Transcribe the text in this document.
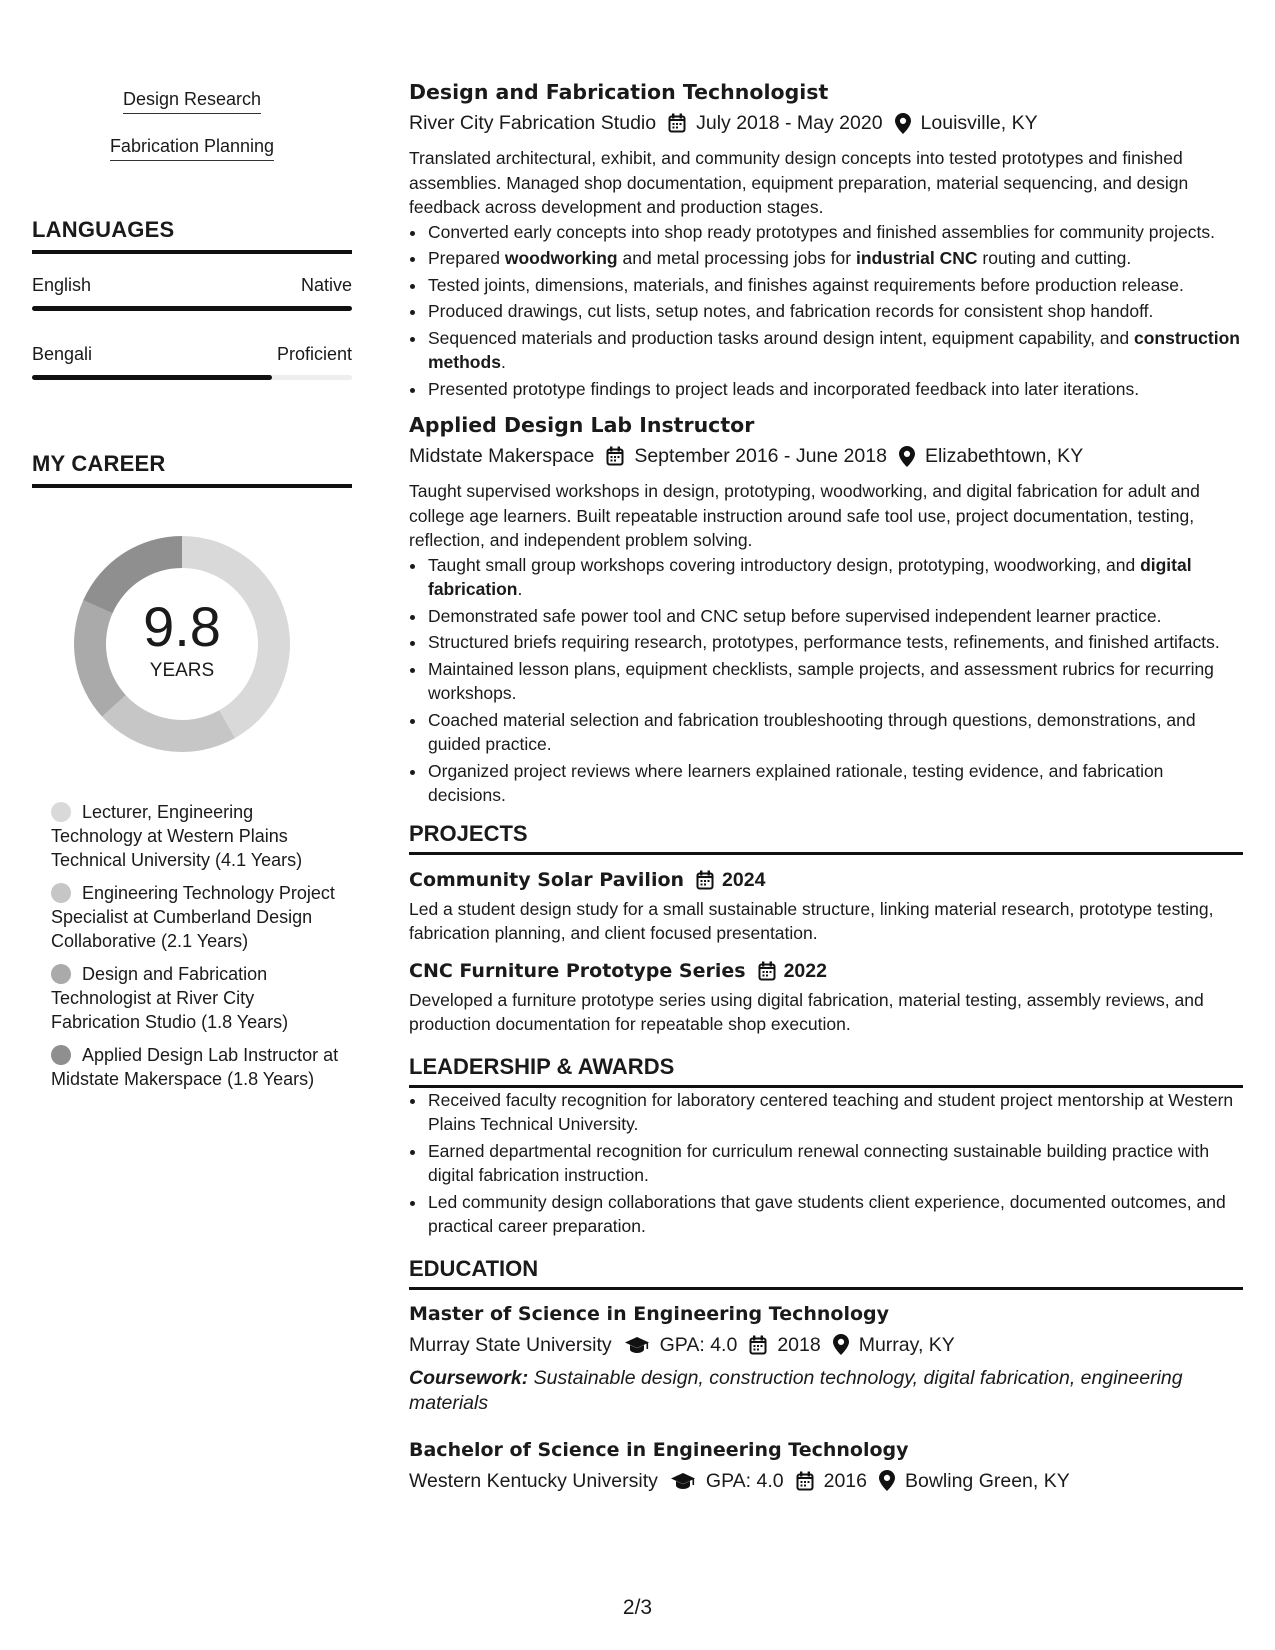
Design Research
Fabrication Planning
LANGUAGES
English	Native
Bengali	Proficient
MY CAREER
9.8
YEARS
Lecturer, Engineering Technology at Western Plains Technical University (4.1 Years)
Engineering Technology Project Specialist at Cumberland Design Collaborative (2.1 Years)
Design and Fabrication Technologist at River City Fabrication Studio (1.8 Years)
Applied Design Lab Instructor at Midstate Makerspace (1.8 Years)
Design and Fabrication Technologist
River City Fabrication Studio July 2018 - May 2020 Louisville, KY
Translated architectural, exhibit, and community design concepts into tested prototypes and finished assemblies. Managed shop documentation, equipment preparation, material sequencing, and design feedback across development and production stages.
• Converted early concepts into shop ready prototypes and finished assemblies for community projects.
• Prepared woodworking and metal processing jobs for industrial CNC routing and cutting.
• Tested joints, dimensions, materials, and finishes against requirements before production release.
• Produced drawings, cut lists, setup notes, and fabrication records for consistent shop handoff.
• Sequenced materials and production tasks around design intent, equipment capability, and construction methods.
• Presented prototype findings to project leads and incorporated feedback into later iterations.
Applied Design Lab Instructor
Midstate Makerspace September 2016 - June 2018 Elizabethtown, KY
Taught supervised workshops in design, prototyping, woodworking, and digital fabrication for adult and college age learners. Built repeatable instruction around safe tool use, project documentation, testing, reflection, and independent problem solving.
• Taught small group workshops covering introductory design, prototyping, woodworking, and digital fabrication.
• Demonstrated safe power tool and CNC setup before supervised independent learner practice.
• Structured briefs requiring research, prototypes, performance tests, refinements, and finished artifacts.
• Maintained lesson plans, equipment checklists, sample projects, and assessment rubrics for recurring workshops.
• Coached material selection and fabrication troubleshooting through questions, demonstrations, and guided practice.
• Organized project reviews where learners explained rationale, testing evidence, and fabrication decisions.
PROJECTS
Community Solar Pavilion 2024
Led a student design study for a small sustainable structure, linking material research, prototype testing, fabrication planning, and client focused presentation.
CNC Furniture Prototype Series 2022
Developed a furniture prototype series using digital fabrication, material testing, assembly reviews, and production documentation for repeatable shop execution.
LEADERSHIP & AWARDS
• Received faculty recognition for laboratory centered teaching and student project mentorship at Western Plains Technical University.
• Earned departmental recognition for curriculum renewal connecting sustainable building practice with digital fabrication instruction.
• Led community design collaborations that gave students client experience, documented outcomes, and practical career preparation.
EDUCATION
Master of Science in Engineering Technology
Murray State University GPA: 4.0 2018 Murray, KY
Coursework: Sustainable design, construction technology, digital fabrication, engineering materials
Bachelor of Science in Engineering Technology
Western Kentucky University GPA: 4.0 2016 Bowling Green, KY
2/3
